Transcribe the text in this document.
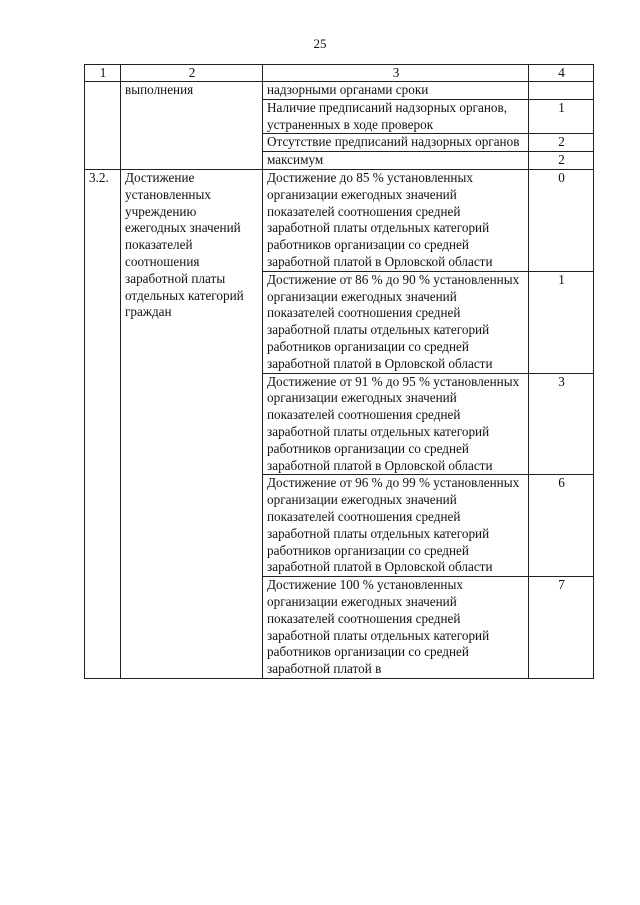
25
1	2	3	4
	выполнения	надзорными органами сроки	
		Наличие предписаний надзорных органов, устраненных в ходе проверок	1
		Отсутствие предписаний надзорных органов	2
		максимум	2
3.2.	Достижение установленных учреждению ежегодных значений показателей соотношения заработной платы отдельных категорий граждан	Достижение до 85 % установленных организации ежегодных значений показателей соотношения средней заработной платы отдельных категорий работников организации со средней заработной платой в Орловской области	0
		Достижение от 86 % до 90 % установленных организации ежегодных значений показателей соотношения средней заработной платы отдельных категорий работников организации со средней заработной платой в Орловской области	1
		Достижение от 91 % до 95 % установленных организации ежегодных значений показателей соотношения средней заработной платы отдельных категорий работников организации со средней заработной платой в Орловской области	3
		Достижение от 96 % до 99 % установленных организации ежегодных значений показателей соотношения средней заработной платы отдельных категорий работников организации со средней заработной платой в Орловской области	6
		Достижение 100 % установленных организации ежегодных значений показателей соотношения средней заработной платы отдельных категорий работников организации со средней заработной платой в	7
